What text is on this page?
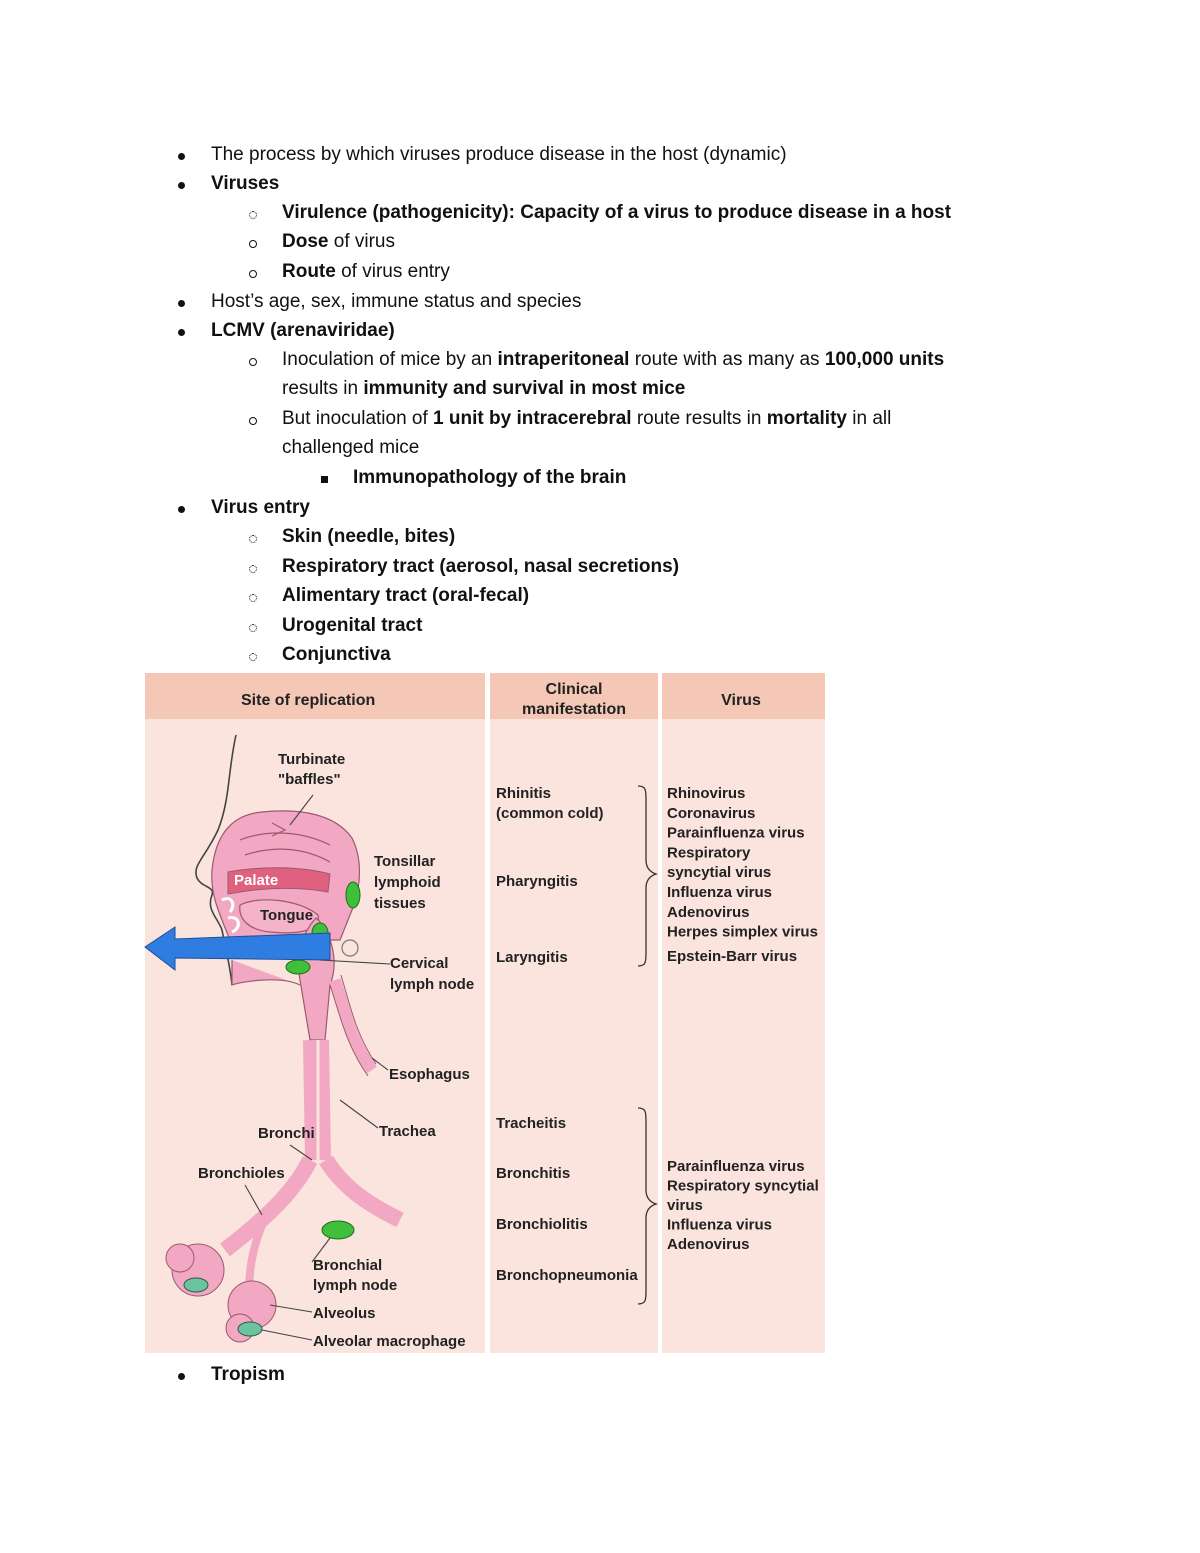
The process by which viruses produce disease in the host (dynamic)
Viruses
Virulence (pathogenicity): Capacity of a virus to produce disease in a host
Dose of virus
Route of virus entry
Host’s age, sex, immune status and species
LCMV (arenaviridae)
Inoculation of mice by an intraperitoneal route with as many as 100,000 units
results in immunity and survival in most mice
But inoculation of 1 unit by intracerebral route results in mortality in all
challenged mice
Immunopathology of the brain
Virus entry
Skin (needle, bites)
Respiratory tract (aerosol, nasal secretions)
Alimentary tract (oral-fecal)
Urogenital tract
Conjunctiva
Tropism
Site of replication
Clinical
manifestation
Virus
Turbinate
"baffles"
Tonsillar
lymphoid
tissues
Palate
Tongue
Cervical
lymph node
Esophagus
Trachea
Bronchi
Bronchioles
Bronchial
lymph node
Alveolus
Alveolar macrophage
Rhinitis
(common cold)
Pharyngitis
Laryngitis
Tracheitis
Bronchitis
Bronchiolitis
Bronchopneumonia
Rhinovirus
Coronavirus
Parainfluenza virus
Respiratory
syncytial virus
Influenza virus
Adenovirus
Herpes simplex virus
Epstein-Barr virus
Parainfluenza virus
Respiratory syncytial
virus
Influenza virus
Adenovirus
